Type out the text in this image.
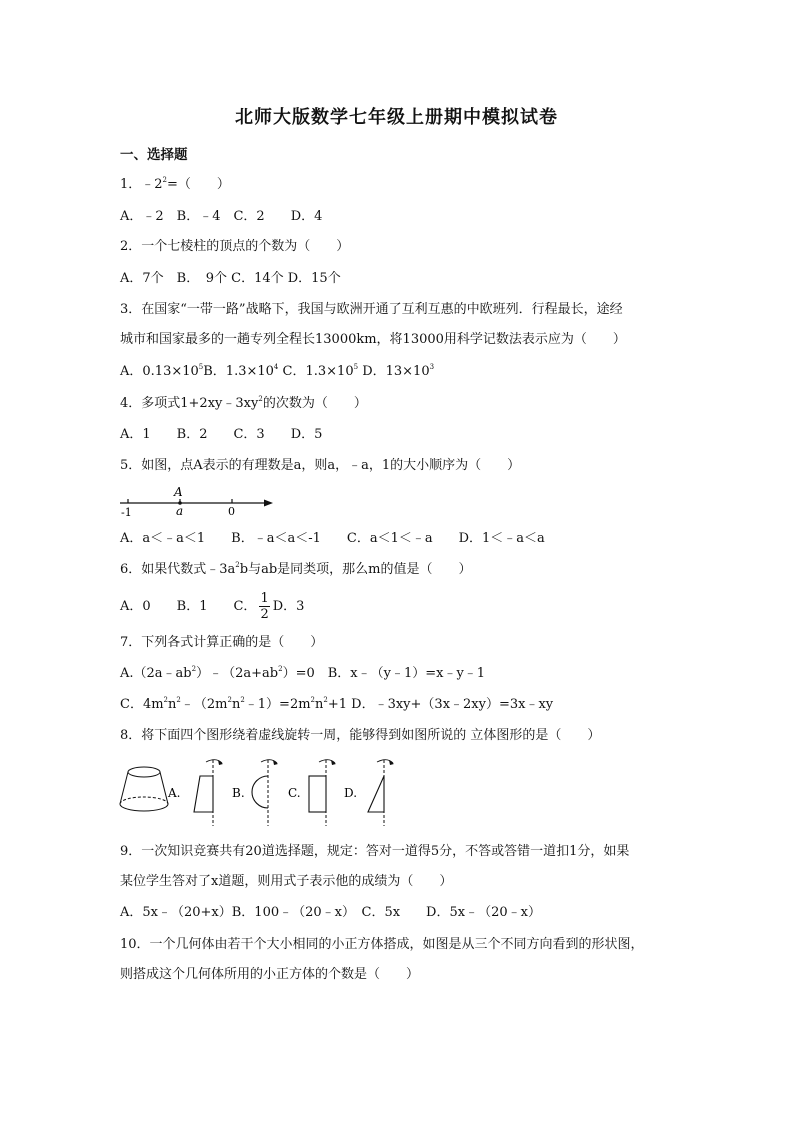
北师大版数学七年级上册期中模拟试卷
一、选择题
1．$﹣2^2=$（　　）
A．﹣2　B．﹣4　C．2　　D．4
2．一个七棱柱的顶点的个数为（　　）
A．7个　B．　9个 C．14个 D．15个
3．在国家“一带一路”战略下，我国与欧洲开通了互利互惠的中欧班列．行程最长，途经
城市和国家最多的一趟专列全程长13000km，将13000用科学记数法表示应为（　　）
A．$0.13\times 10^5B$．$1.3\times 10^4$ C．$1.3\times 10^5$ D．$13\times 10^3$
4．多项式$1+2xy﹣3xy^2$的次数为（　　）
A．1　　B．2　　C．3　　D．5
5．如图，点A表示的有理数是a，则a，﹣a，1的大小顺序为（　　）
A
a
-1	0
A．a＜﹣a＜1　　B．﹣a＜a＜-1　　C．a＜1＜﹣a　　D．1＜﹣a＜a
6．如果代数式$﹣3a^2b$与ab是同类项，那么m的值是（　　）
A．0　　B．1　　C． $\frac{1}{2}$ D．3
7．下列各式计算正确的是（　　）
$A.(2a﹣ab^2)﹣(2a+ab^2)=0$　B．x﹣（y﹣1）=x﹣y﹣1
C．$4m^2n^2﹣(2m^2n^2﹣1)=2m^2n^2+1$ D．﹣3xy+（3x﹣2xy）=3x﹣xy
8．将下面四个图形绕着虚线旋转一周，能够得到如图所说的 立体图形的是（　　）
A.	B.	C.	D.
9．一次知识竞赛共有20道选择题，规定：答对一道得5分，不答或答错一道扣1分，如果
某位学生答对了x道题，则用式子表示他的成绩为（　　）
A．5x﹣（20+x）B．100﹣（20﹣x）　C．5x　　D．5x﹣（20﹣x）
10．一个几何体由若干个大小相同的小正方体搭成，如图是从三个不同方向看到的形状图，
则搭成这个几何体所用的小正方体的个数是（　　）
